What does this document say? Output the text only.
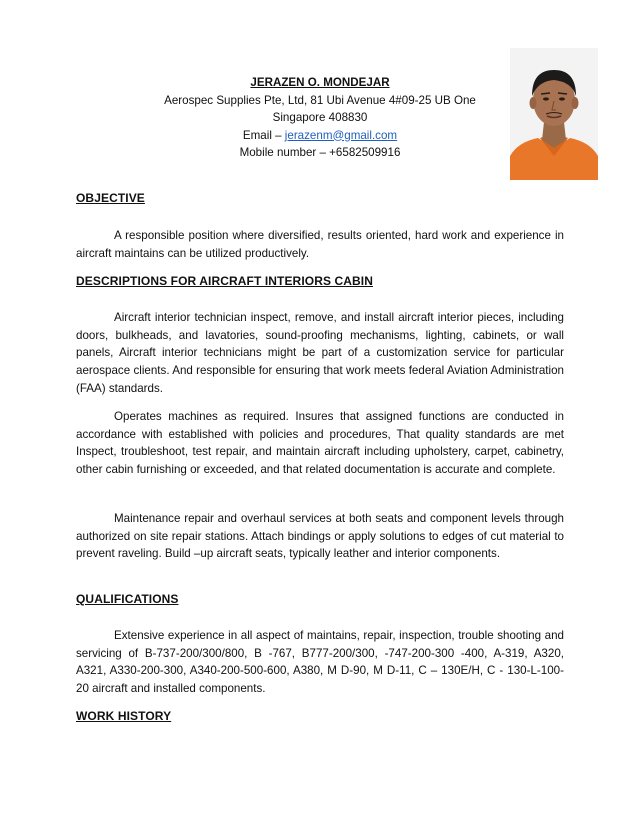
JERAZEN O. MONDEJAR
Aerospec Supplies Pte, Ltd, 81 Ubi Avenue 4#09-25 UB One
Singapore 408830
Email – jerazenm@gmail.com
Mobile number – +6582509916
OBJECTIVE
A responsible position where diversified, results oriented, hard work and experience in aircraft maintains can be utilized productively.
DESCRIPTIONS FOR AIRCRAFT INTERIORS CABIN
Aircraft interior technician inspect, remove, and install aircraft interior pieces, including doors, bulkheads, and lavatories, sound-proofing mechanisms, lighting, cabinets, or wall panels, Aircraft interior technicians might be part of a customization service for particular aerospace clients. And responsible for ensuring that work meets federal Aviation Administration (FAA) standards.
Operates machines as required. Insures that assigned functions are conducted in accordance with established with policies and procedures, That quality standards are met Inspect, troubleshoot, test repair, and maintain aircraft including upholstery, carpet, cabinetry, other cabin furnishing or exceeded, and that related documentation is accurate and complete.
Maintenance repair and overhaul services at both seats and component levels through authorized on site repair stations. Attach bindings or apply solutions to edges of cut material to prevent raveling. Build –up aircraft seats, typically leather and interior components.
QUALIFICATIONS
Extensive experience in all aspect of maintains, repair, inspection, trouble shooting and servicing of B-737-200/300/800, B -767, B777-200/300, -747-200-300 -400, A-319, A320, A321, A330-200-300, A340-200-500-600, A380, M D-90, M D-11, C – 130E/H, C - 130-L-100-20 aircraft and installed components.
WORK HISTORY
